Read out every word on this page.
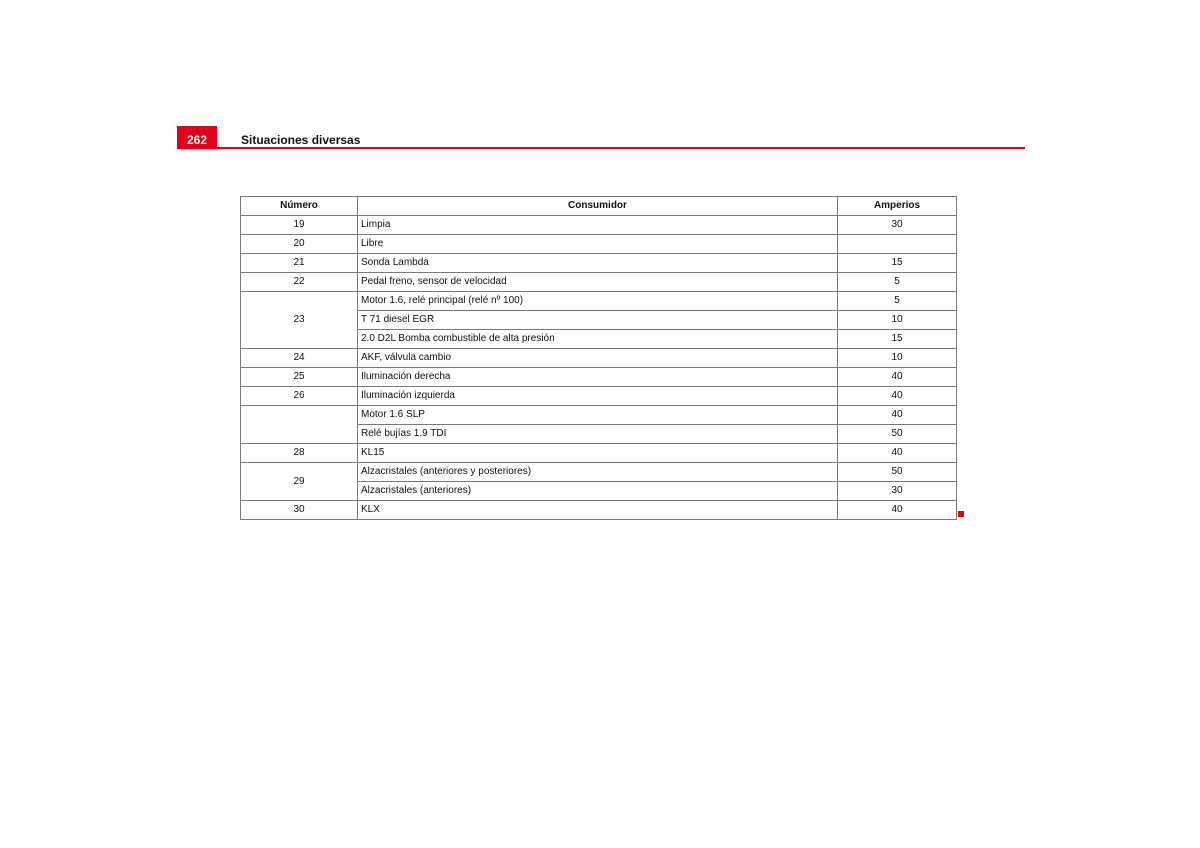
262	Situaciones diversas
Número	Consumidor	Amperios
19	Limpia	30
20	Libre	
21	Sonda Lambda	15
22	Pedal freno, sensor de velocidad	5
23	Motor 1.6, relé principal (relé nº 100)	5
	T 71 diesel EGR	10
	2.0 D2L Bomba combustible de alta presión	15
24	AKF, válvula cambio	10
25	Iluminación derecha	40
26	Iluminación izquierda	40
	Motor 1.6 SLP	40
	Relé bujías 1.9 TDI	50
28	KL15	40
29	Alzacristales (anteriores y posteriores)	50
	Alzacristales (anteriores)	30
30	KLX	40
